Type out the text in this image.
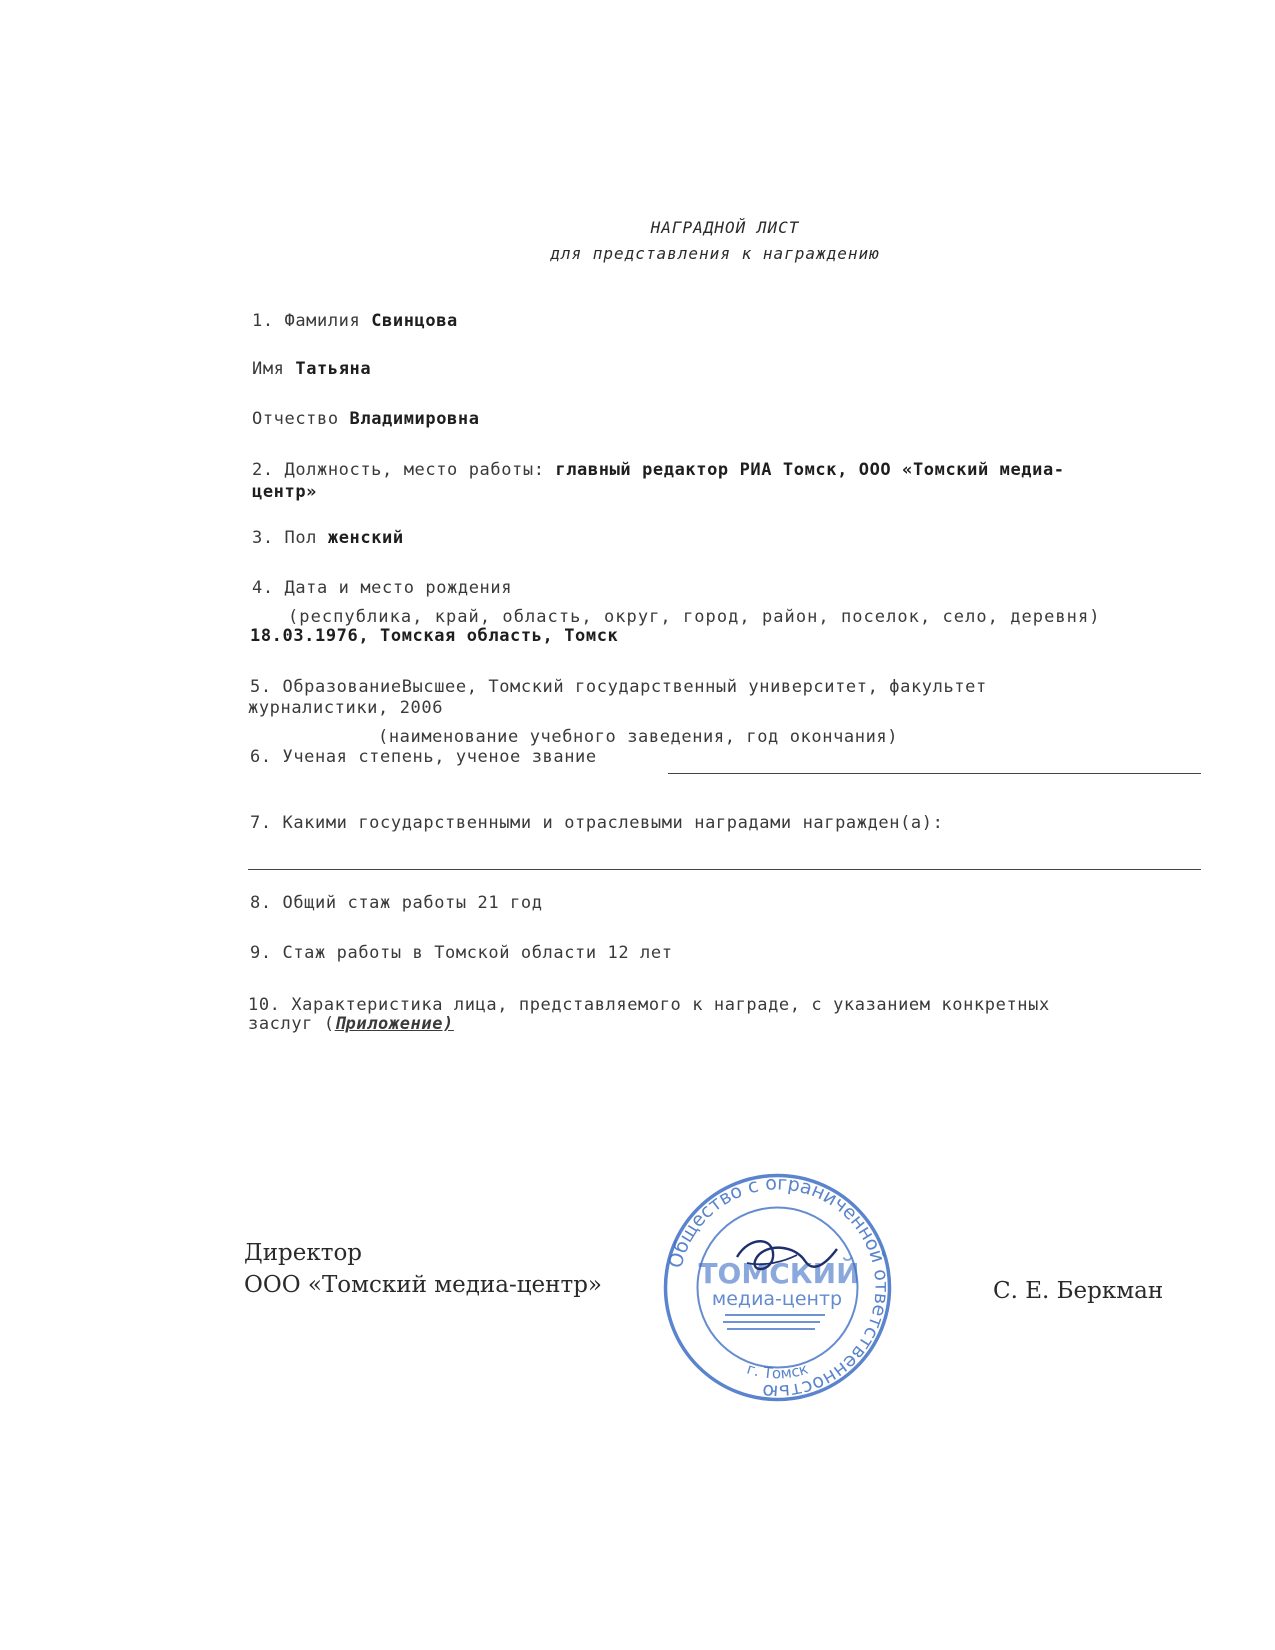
НАГРАДНОЙ ЛИСТ
для представления к награждению
1. Фамилия Свинцова
Имя Татьяна
Отчество Владимировна
2. Должность, место работы: главный редактор РИА Томск, ООО «Томский медиа-
центр»
3. Пол женский
4. Дата и место рождения
(республика, край, область, округ, город, район, поселок, село, деревня)
18.03.1976, Томская область, Томск
5. ОбразованиеВысшее, Томский государственный университет, факультет
журналистики, 2006
(наименование учебного заведения, год окончания)
6. Ученая степень, ученое звание
7. Какими государственными и отраслевыми наградами награжден(а):
8. Общий стаж работы 21 год
9. Стаж работы в Томской области 12 лет
10. Характеристика лица, представляемого к награде, с указанием конкретных
заслуг (Приложение)
Директор
ООО «Томский медиа-центр»	С. Е. Беркман
Общество с ограниченной ответственностью
г. Томск
ТОМСКИЙ
медиа-центр
